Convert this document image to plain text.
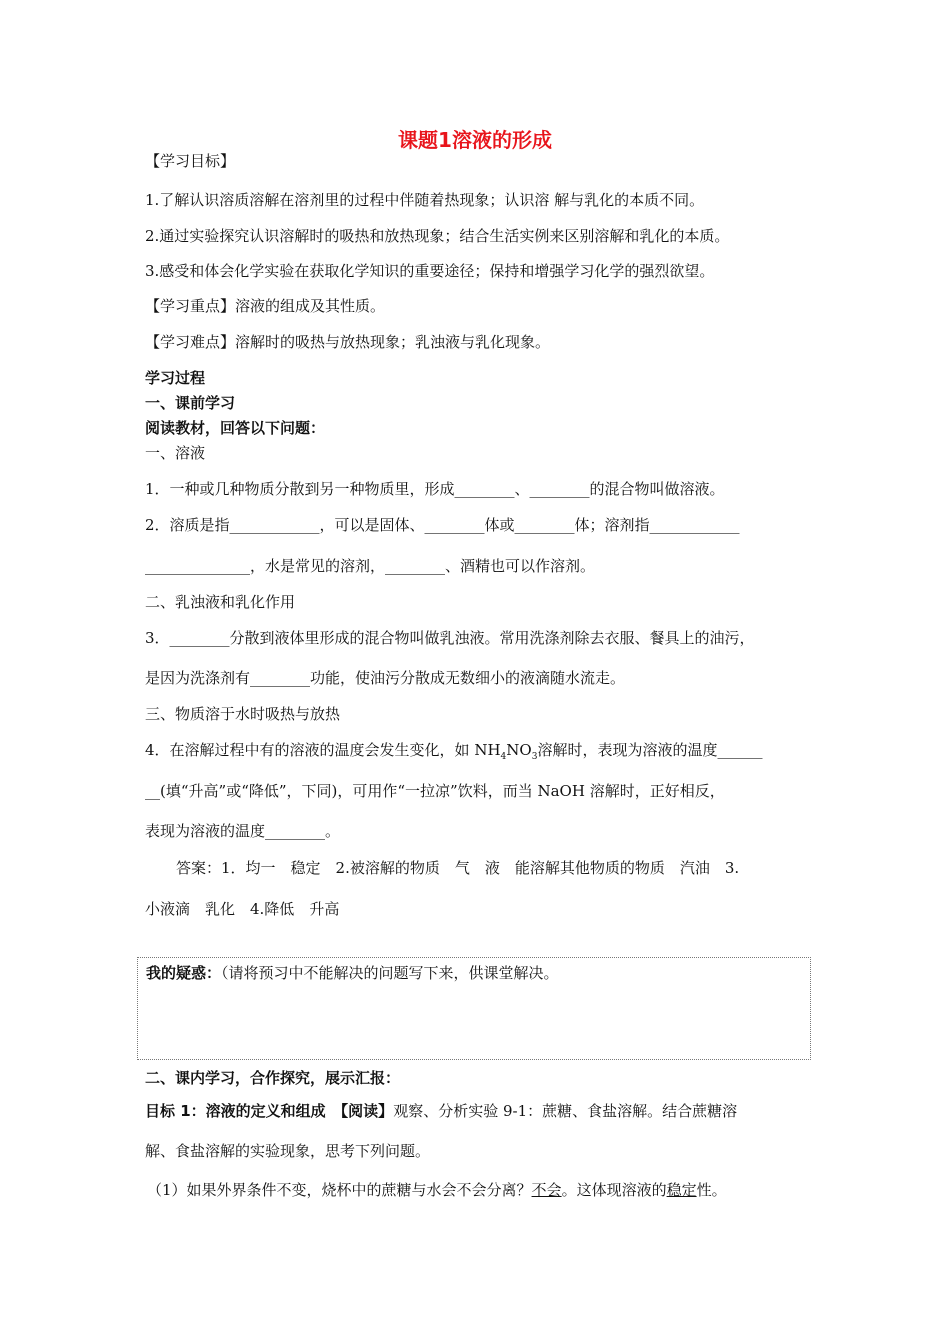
课题1溶液的形成
【学习目标】
1.了解认识溶质溶解在溶剂里的过程中伴随着热现象；认识溶 解与乳化的本质不同。
2.通过实验探究认识溶解时的吸热和放热现象；结合生活实例来区别溶解和乳化的本质。
3.感受和体会化学实验在获取化学知识的重要途径；保持和增强学习化学的强烈欲望。
【学习重点】溶液的组成及其性质。
【学习难点】溶解时的吸热与放热现象；乳浊液与乳化现象。
学习过程
一、课前学习
阅读教材，回答以下问题：
一、溶液
1．一种或几种物质分散到另一种物质里，形成________、________的混合物叫做溶液。
2．溶质是指____________，可以是固体、________体或________体；溶剂指____________
______________，水是常见的溶剂，________、酒精也可以作溶剂。
二、乳浊液和乳化作用
3．________分散到液体里形成的混合物叫做乳浊液。常用洗涤剂除去衣服、餐具上的油污，
是因为洗涤剂有________功能，使油污分散成无数细小的液滴随水流走。
三、物质溶于水时吸热与放热
4．在溶解过程中有的溶液的温度会发生变化，如 $NH_4NO_3$溶解时，表现为溶液的温度______
__(填“升高”或“降低”，下同)，可用作“一拉凉”饮料，而当 NaOH 溶解时，正好相反，
表现为溶液的温度________。
答案：1．均一　稳定　2.被溶解的物质　气　液　能溶解其他物质的物质　汽油　3.
小液滴　乳化　4.降低　升高
我的疑惑：（请将预习中不能解决的问题写下来，供课堂解决。
二、课内学习，合作探究，展示汇报：
目标 1：溶液的定义和组成　【阅读】观察、分析实验 9-1：蔗糖、食盐溶解。结合蔗糖溶
解、食盐溶解的实验现象，思考下列问题。
（1）如果外界条件不变，烧杯中的蔗糖与水会不会分离？不会。这体现溶液的稳定性。
